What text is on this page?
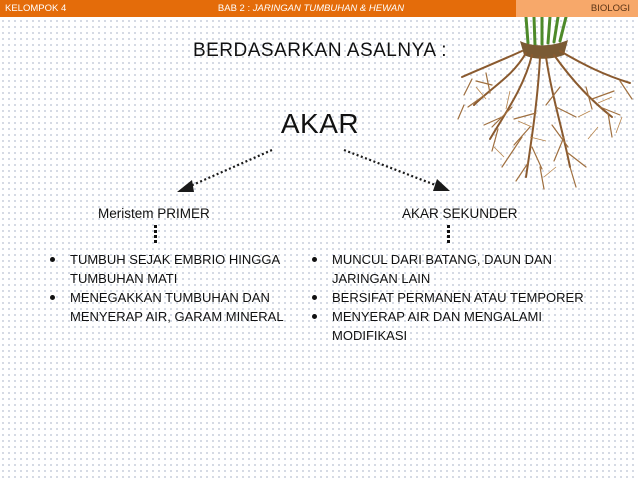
KELOMPOK 4	BAB 2 : JARINGAN TUMBUHAN & HEWAN	BIOLOGI
BERDASARKAN ASALNYA :
AKAR
Meristem PRIMER	AKAR SEKUNDER
TUMBUH SEJAK EMBRIO HINGGA TUMBUHAN MATI
MENEGAKKAN TUMBUHAN DAN MENYERAP AIR, GARAM MINERAL
MUNCUL DARI BATANG, DAUN DAN JARINGAN LAIN
BERSIFAT PERMANEN ATAU TEMPORER
MENYERAP AIR DAN MENGALAMI MODIFIKASI
